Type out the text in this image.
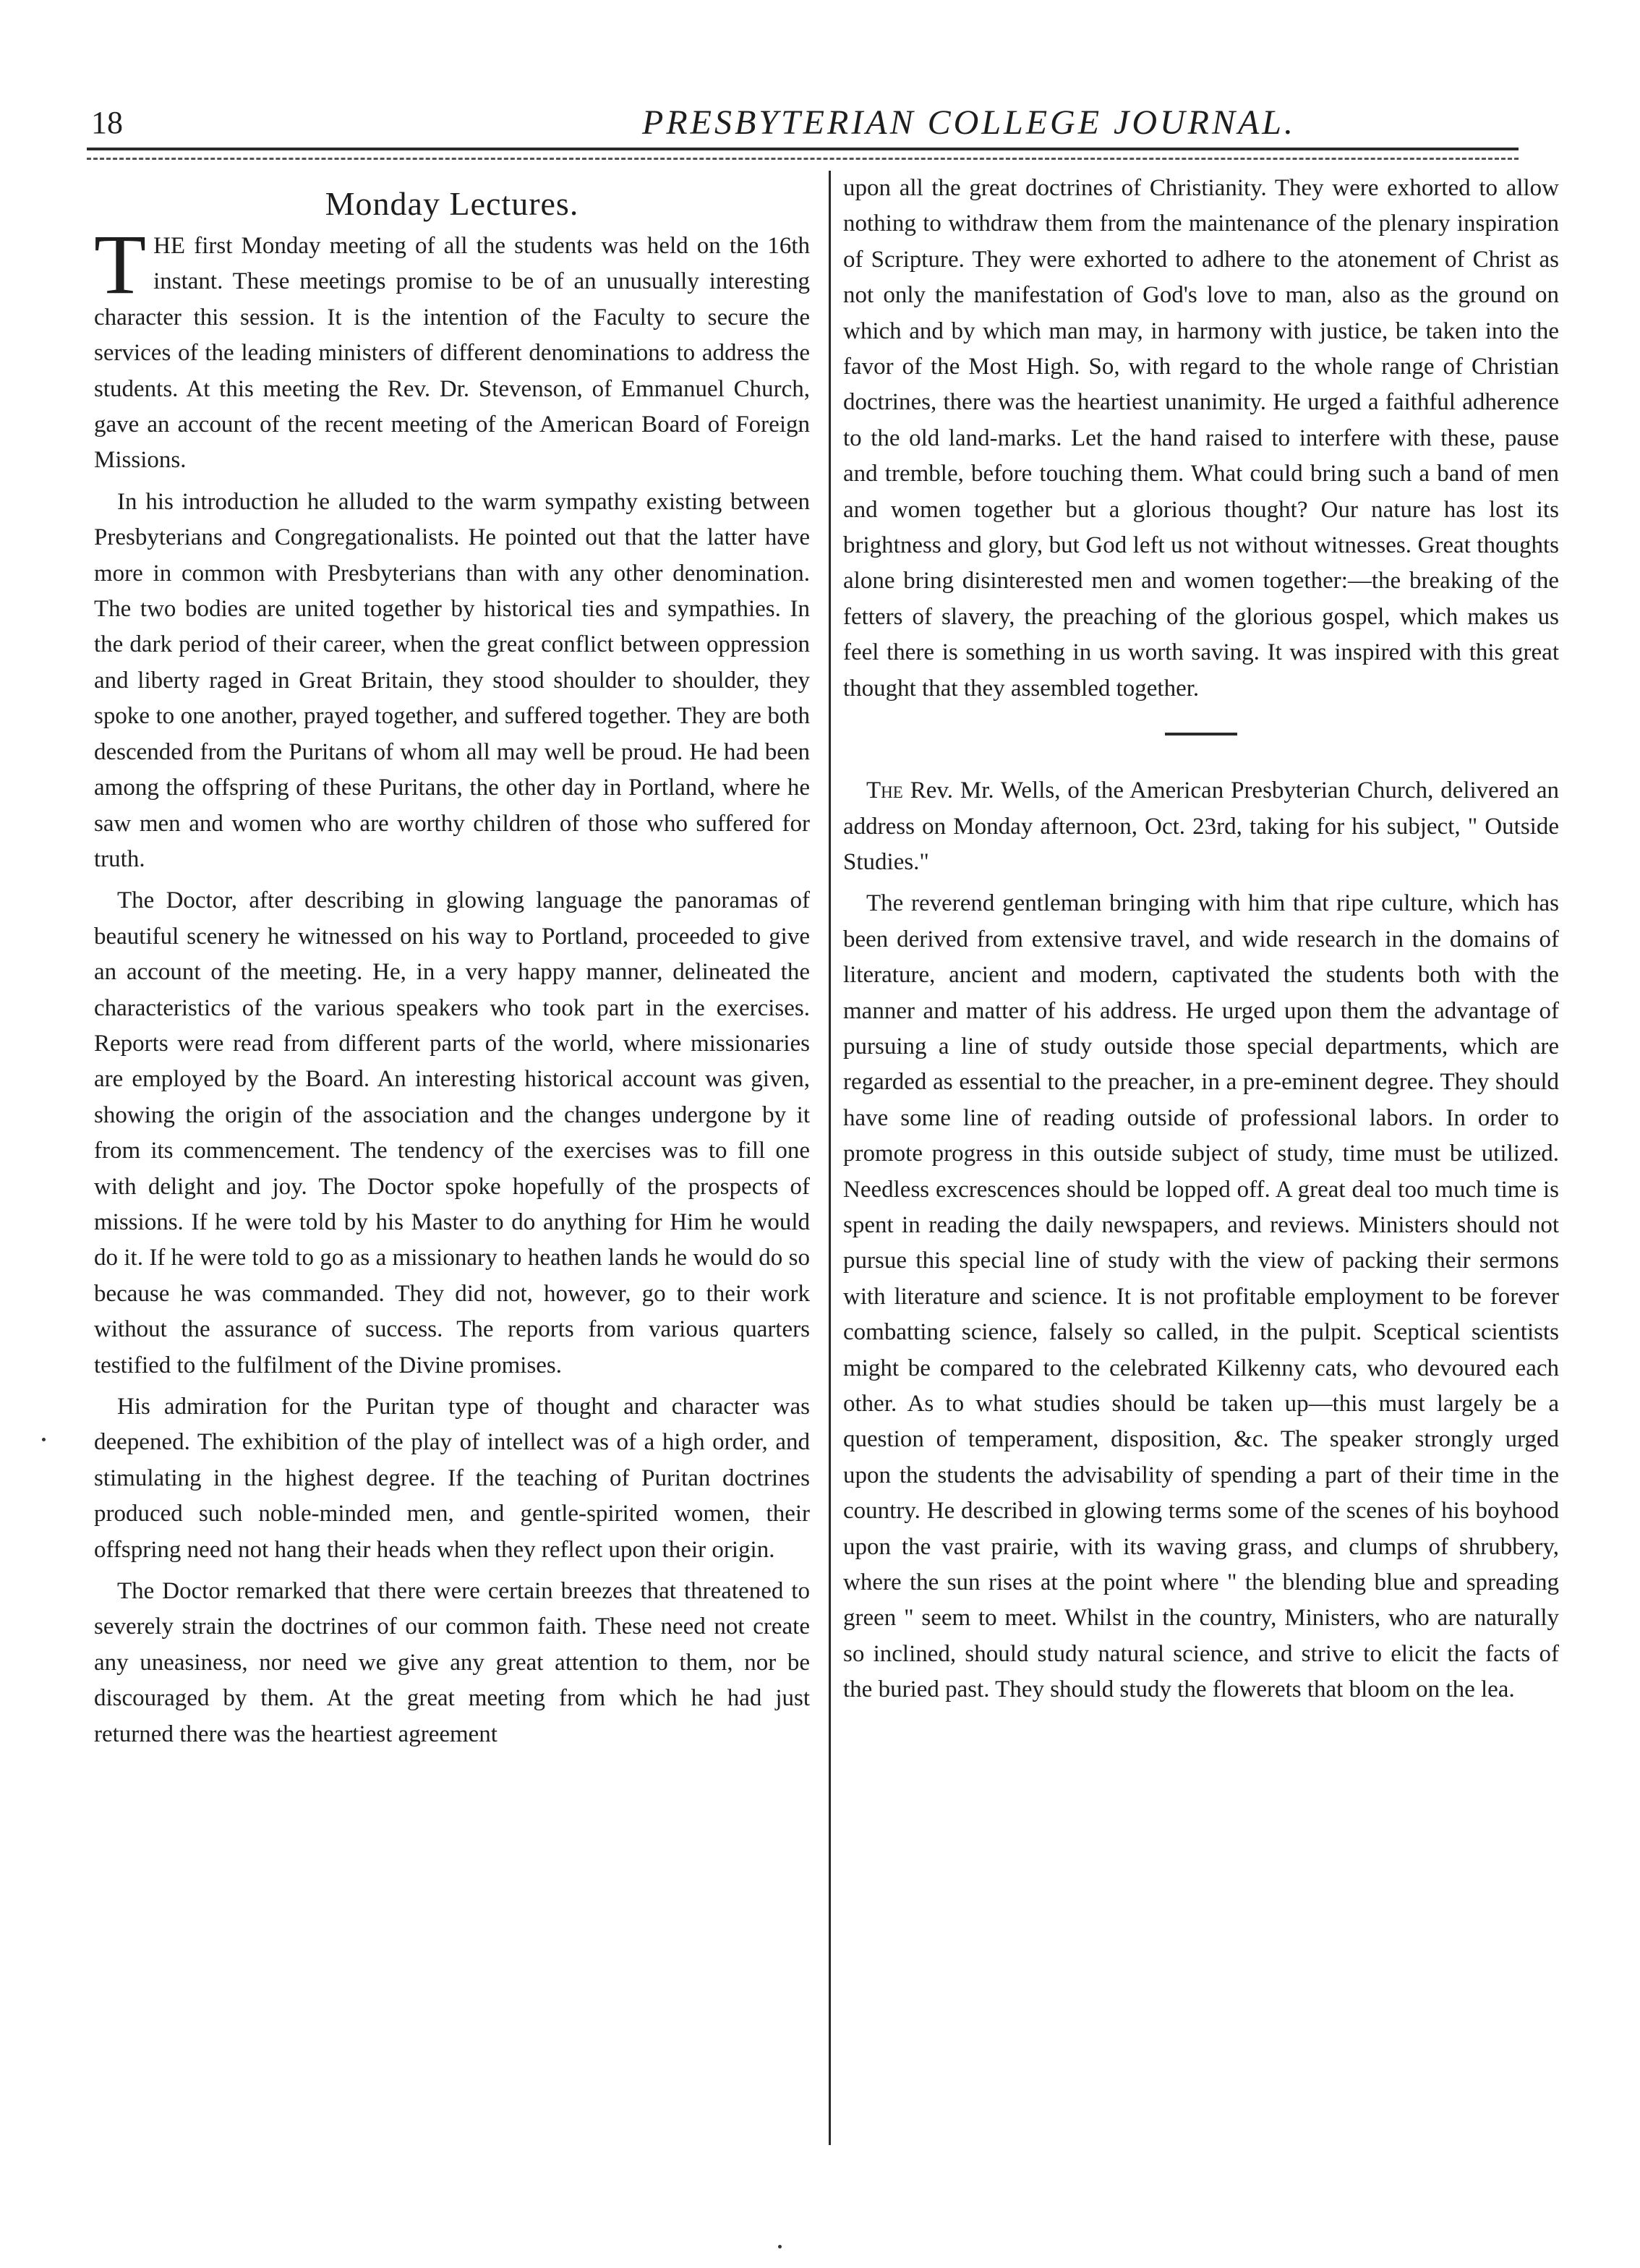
18	PRESBYTERIAN COLLEGE JOURNAL.
Monday Lectures.

THE first Monday meeting of all the students was held on the 16th instant. These meetings promise to be of an unusually interesting character this session. It is the intention of the Faculty to secure the services of the leading ministers of different denominations to address the students. At this meeting the Rev. Dr. Stevenson, of Emmanuel Church, gave an account of the recent meeting of the American Board of Foreign Missions.

In his introduction he alluded to the warm sympathy existing between Presbyterians and Congregationalists. He pointed out that the latter have more in common with Presbyterians than with any other denomination. The two bodies are united together by historical ties and sympathies. In the dark period of their career, when the great conflict between oppression and liberty raged in Great Britain, they stood shoulder to shoulder, they spoke to one another, prayed together, and suffered together. They are both descended from the Puritans of whom all may well be proud. He had been among the offspring of these Puritans, the other day in Portland, where he saw men and women who are worthy children of those who suffered for truth.

The Doctor, after describing in glowing language the panoramas of beautiful scenery he witnessed on his way to Portland, proceeded to give an account of the meeting. He, in a very happy manner, delineated the characteristics of the various speakers who took part in the exercises. Reports were read from different parts of the world, where missionaries are employed by the Board. An interesting historical account was given, showing the origin of the association and the changes undergone by it from its commencement. The tendency of the exercises was to fill one with delight and joy. The Doctor spoke hopefully of the prospects of missions. If he were told by his Master to do anything for Him he would do it. If he were told to go as a missionary to heathen lands he would do so because he was commanded. They did not, however, go to their work without the assurance of success. The reports from various quarters testified to the fulfilment of the Divine promises.

His admiration for the Puritan type of thought and character was deepened. The exhibition of the play of intellect was of a high order, and stimulating in the highest degree. If the teaching of Puritan doctrines produced such noble-minded men, and gentle-spirited women, their offspring need not hang their heads when they reflect upon their origin.

The Doctor remarked that there were certain breezes that threatened to severely strain the doctrines of our common faith. These need not create any uneasiness, nor need we give any great attention to them, nor be discouraged by them. At the great meeting from which he had just returned there was the heartiest agreement

upon all the great doctrines of Christianity. They were exhorted to allow nothing to withdraw them from the maintenance of the plenary inspiration of Scripture. They were exhorted to adhere to the atonement of Christ as not only the manifestation of God's love to man, also as the ground on which and by which man may, in harmony with justice, be taken into the favor of the Most High. So, with regard to the whole range of Christian doctrines, there was the heartiest unanimity. He urged a faithful adherence to the old land-marks. Let the hand raised to interfere with these, pause and tremble, before touching them. What could bring such a band of men and women together but a glorious thought? Our nature has lost its brightness and glory, but God left us not without witnesses. Great thoughts alone bring disinterested men and women together:—the breaking of the fetters of slavery, the preaching of the glorious gospel, which makes us feel there is something in us worth saving. It was inspired with this great thought that they assembled together.

The Rev. Mr. Wells, of the American Presbyterian Church, delivered an address on Monday afternoon, Oct. 23rd, taking for his subject, " Outside Studies."

The reverend gentleman bringing with him that ripe culture, which has been derived from extensive travel, and wide research in the domains of literature, ancient and modern, captivated the students both with the manner and matter of his address. He urged upon them the advantage of pursuing a line of study outside those special departments, which are regarded as essential to the preacher, in a pre-eminent degree. They should have some line of reading outside of professional labors. In order to promote progress in this outside subject of study, time must be utilized. Needless excrescences should be lopped off. A great deal too much time is spent in reading the daily newspapers, and reviews. Ministers should not pursue this special line of study with the view of packing their sermons with literature and science. It is not profitable employment to be forever combatting science, falsely so called, in the pulpit. Sceptical scientists might be compared to the celebrated Kilkenny cats, who devoured each other. As to what studies should be taken up—this must largely be a question of temperament, disposition, &c. The speaker strongly urged upon the students the advisability of spending a part of their time in the country. He described in glowing terms some of the scenes of his boyhood upon the vast prairie, with its waving grass, and clumps of shrubbery, where the sun rises at the point where " the blending blue and spreading green " seem to meet. Whilst in the country, Ministers, who are naturally so inclined, should study natural science, and strive to elicit the facts of the buried past. They should study the flowerets that bloom on the lea.
